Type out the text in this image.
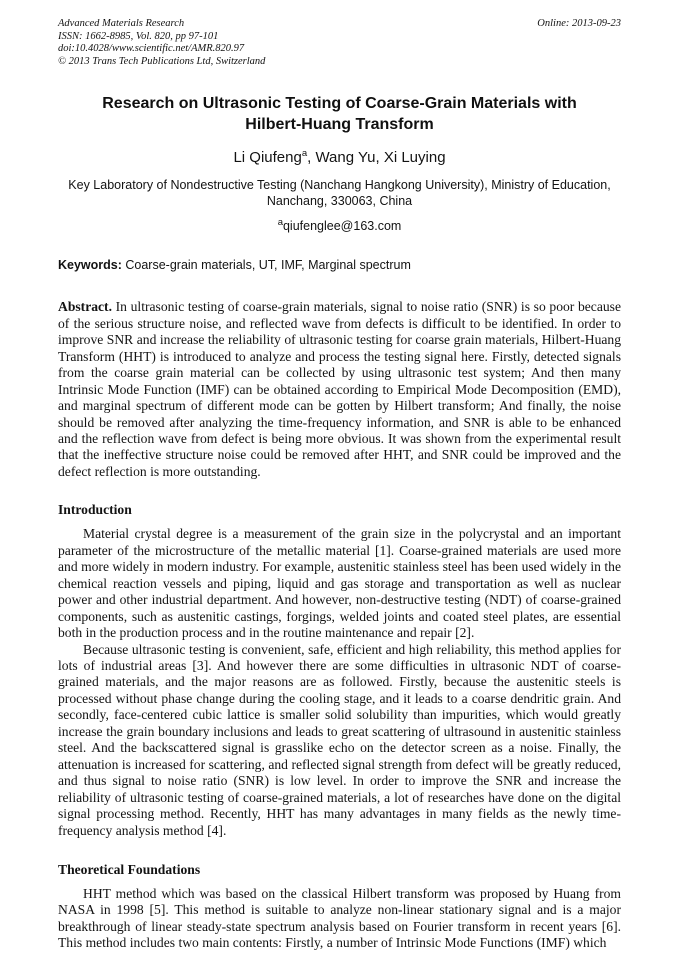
Advanced Materials Research
ISSN: 1662-8985, Vol. 820, pp 97-101
doi:10.4028/www.scientific.net/AMR.820.97
© 2013 Trans Tech Publications Ltd, Switzerland
Online: 2013-09-23
Research on Ultrasonic Testing of Coarse-Grain Materials with Hilbert-Huang Transform
Li Qiufeng$^a$, Wang Yu, Xi Luying
Key Laboratory of Nondestructive Testing (Nanchang Hangkong University), Ministry of Education, Nanchang, 330063, China
$^a$qiufenglee@163.com
Keywords: Coarse-grain materials, UT, IMF, Marginal spectrum
Abstract. In ultrasonic testing of coarse-grain materials, signal to noise ratio (SNR) is so poor because of the serious structure noise, and reflected wave from defects is difficult to be identified. In order to improve SNR and increase the reliability of ultrasonic testing for coarse grain materials, Hilbert-Huang Transform (HHT) is introduced to analyze and process the testing signal here. Firstly, detected signals from the coarse grain material can be collected by using ultrasonic test system; And then many Intrinsic Mode Function (IMF) can be obtained according to Empirical Mode Decomposition (EMD), and marginal spectrum of different mode can be gotten by Hilbert transform; And finally, the noise should be removed after analyzing the time-frequency information, and SNR is able to be enhanced and the reflection wave from defect is being more obvious. It was shown from the experimental result that the ineffective structure noise could be removed after HHT, and SNR could be improved and the defect reflection is more outstanding.
Introduction

Material crystal degree is a measurement of the grain size in the polycrystal and an important parameter of the microstructure of the metallic material [1]. Coarse-grained materials are used more and more widely in modern industry. For example, austenitic stainless steel has been used widely in the chemical reaction vessels and piping, liquid and gas storage and transportation as well as nuclear power and other industrial department. And however, non-destructive testing (NDT) of coarse-grained components, such as austenitic castings, forgings, welded joints and coated steel plates, are essential both in the production process and in the routine maintenance and repair [2].

Because ultrasonic testing is convenient, safe, efficient and high reliability, this method applies for lots of industrial areas [3]. And however there are some difficulties in ultrasonic NDT of coarse-grained materials, and the major reasons are as followed. Firstly, because the austenitic steels is processed without phase change during the cooling stage, and it leads to a coarse dendritic grain. And secondly, face-centered cubic lattice is smaller solid solubility than impurities, which would greatly increase the grain boundary inclusions and leads to great scattering of ultrasound in austenitic stainless steel. And the backscattered signal is grasslike echo on the detector screen as a noise. Finally, the attenuation is increased for scattering, and reflected signal strength from defect will be greatly reduced, and thus signal to noise ratio (SNR) is low level. In order to improve the SNR and increase the reliability of ultrasonic testing of coarse-grained materials, a lot of researches have done on the digital signal processing method. Recently, HHT has many advantages in many fields as the newly time-frequency analysis method [4].

Theoretical Foundations

HHT method which was based on the classical Hilbert transform was proposed by Huang from NASA in 1998 [5]. This method is suitable to analyze non-linear stationary signal and is a major breakthrough of linear steady-state spectrum analysis based on Fourier transform in recent years [6]. This method includes two main contents: Firstly, a number of Intrinsic Mode Functions (IMF) which
